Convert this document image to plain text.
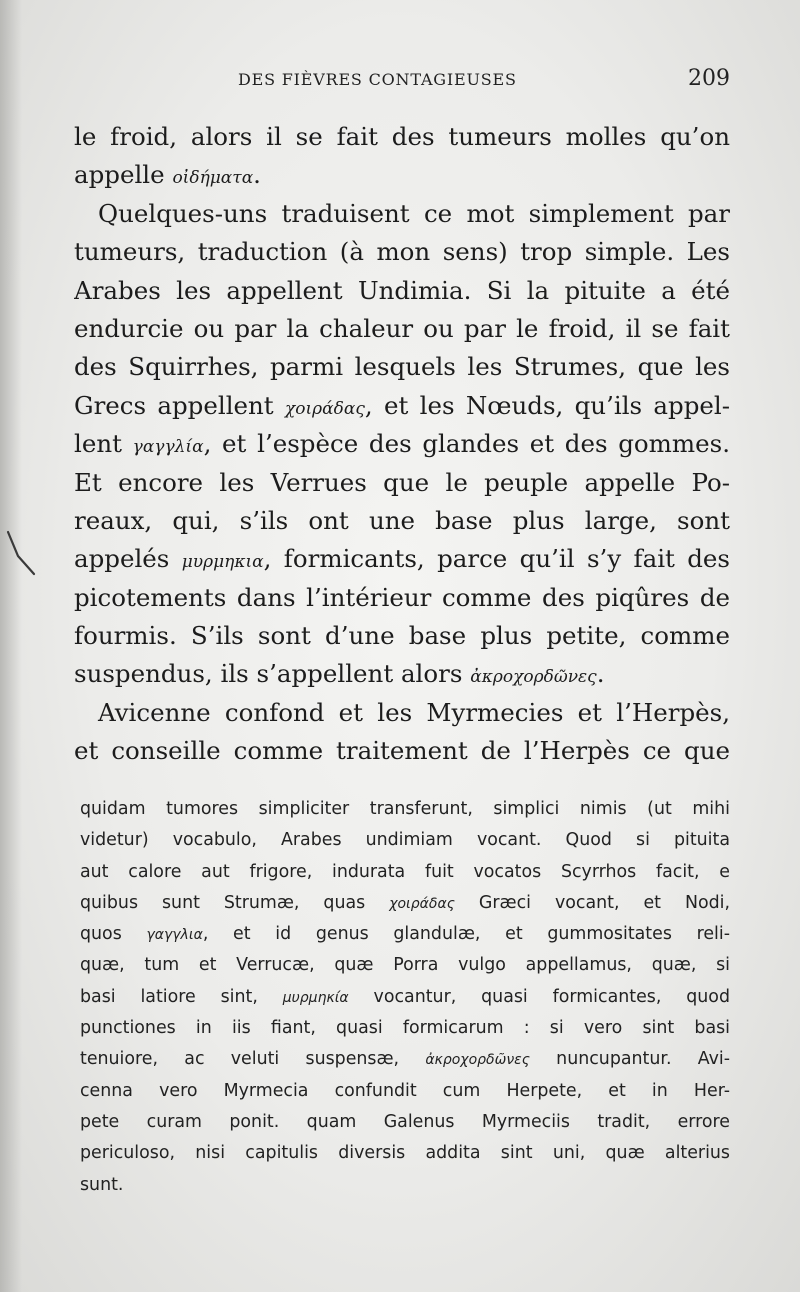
DES FIÈVRES CONTAGIEUSES	209
le froid, alors il se fait des tumeurs molles qu’on
appelle οἰδήματα.
Quelques-uns traduisent ce mot simplement par
tumeurs, traduction (à mon sens) trop simple. Les
Arabes les appellent Undimia. Si la pituite a été
endurcie ou par la chaleur ou par le froid, il se fait
des Squirrhes, parmi lesquels les Strumes, que les
Grecs appellent χοιράδας, et les Nœuds, qu’ils appel-
lent γαγγλία, et l’espèce des glandes et des gommes.
Et encore les Verrues que le peuple appelle Po-
reaux, qui, s’ils ont une base plus large, sont
appelés μυρμηκια, formicants, parce qu’il s’y fait des
picotements dans l’intérieur comme des piqûres de
fourmis. S’ils sont d’une base plus petite, comme
suspendus, ils s’appellent alors ἀκροχορδῶνες.
Avicenne confond et les Myrmecies et l’Herpès,
et conseille comme traitement de l’Herpès ce que
quidam tumores simpliciter transferunt, simplici nimis (ut mihi
videtur) vocabulo, Arabes undimiam vocant. Quod si pituita
aut calore aut frigore, indurata fuit vocatos Scyrrhos facit, e
quibus sunt Strumæ, quas χοιράδας Græci vocant, et Nodi,
quos γαγγλια, et id genus glandulæ, et gummositates reli-
quæ, tum et Verrucæ, quæ Porra vulgo appellamus, quæ, si
basi latiore sint, μυρμηκία vocantur, quasi formicantes, quod
punctiones in iis fiant, quasi formicarum : si vero sint basi
tenuiore, ac veluti suspensæ, ἀκροχορδῶνες nuncupantur. Avi-
cenna vero Myrmecia confundit cum Herpete, et in Her-
pete curam ponit. quam Galenus Myrmeciis tradit, errore
periculoso, nisi capitulis diversis addita sint uni, quæ alterius
sunt.
